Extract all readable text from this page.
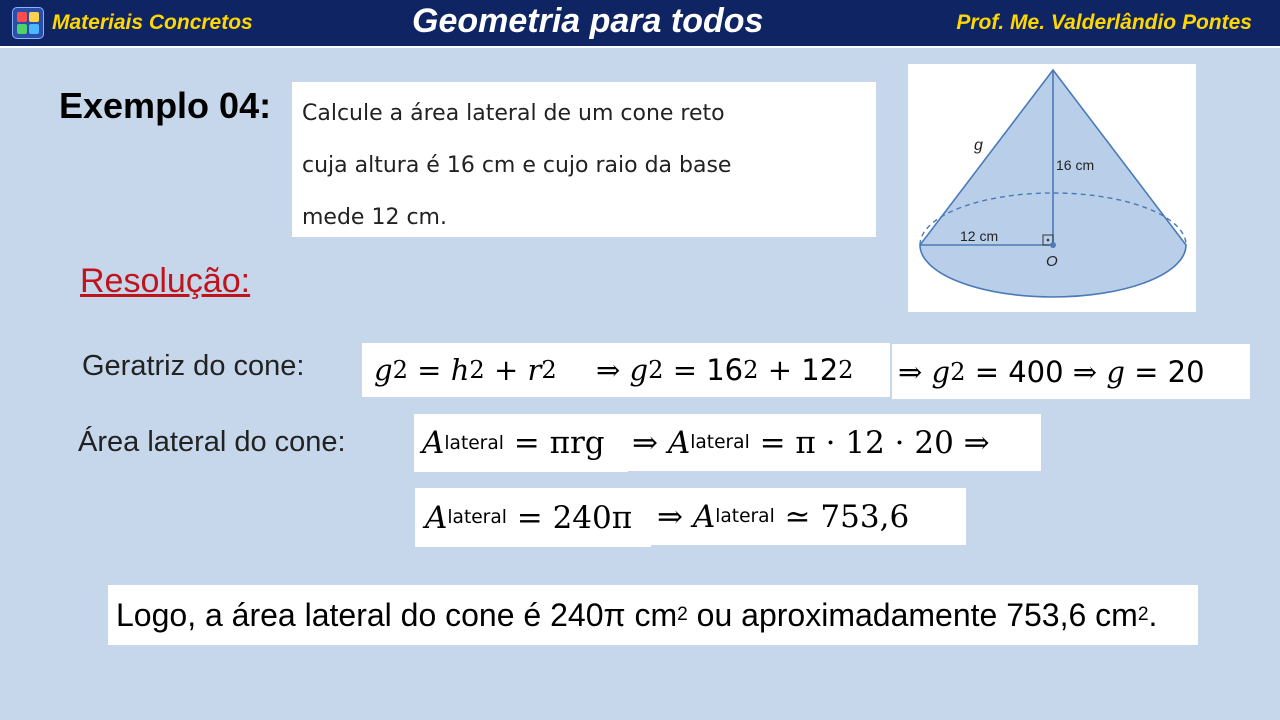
Materiais Concretos	Geometria para todos	Prof. Me. Valderlândio Pontes
Exemplo 04: Calcule a área lateral de um cone reto
cuja altura é 16 cm e cujo raio da base
mede 12 cm.
g
16 cm
12 cm
O
Resolução:
Geratriz do cone: g 2 = h 2 + r 2 ⇒ g 2 = 16 2 + 12 2 ⇒ g 2 = 400 ⇒ g = 20
Área lateral do cone: A lateral = πrg ⇒ A lateral = π · 12 · 20 ⇒
A lateral = 240π ⇒ A lateral ≃ 753,6
Logo, a área lateral do cone é 240π cm 2 ou aproximadamente 753,6 cm 2 .
